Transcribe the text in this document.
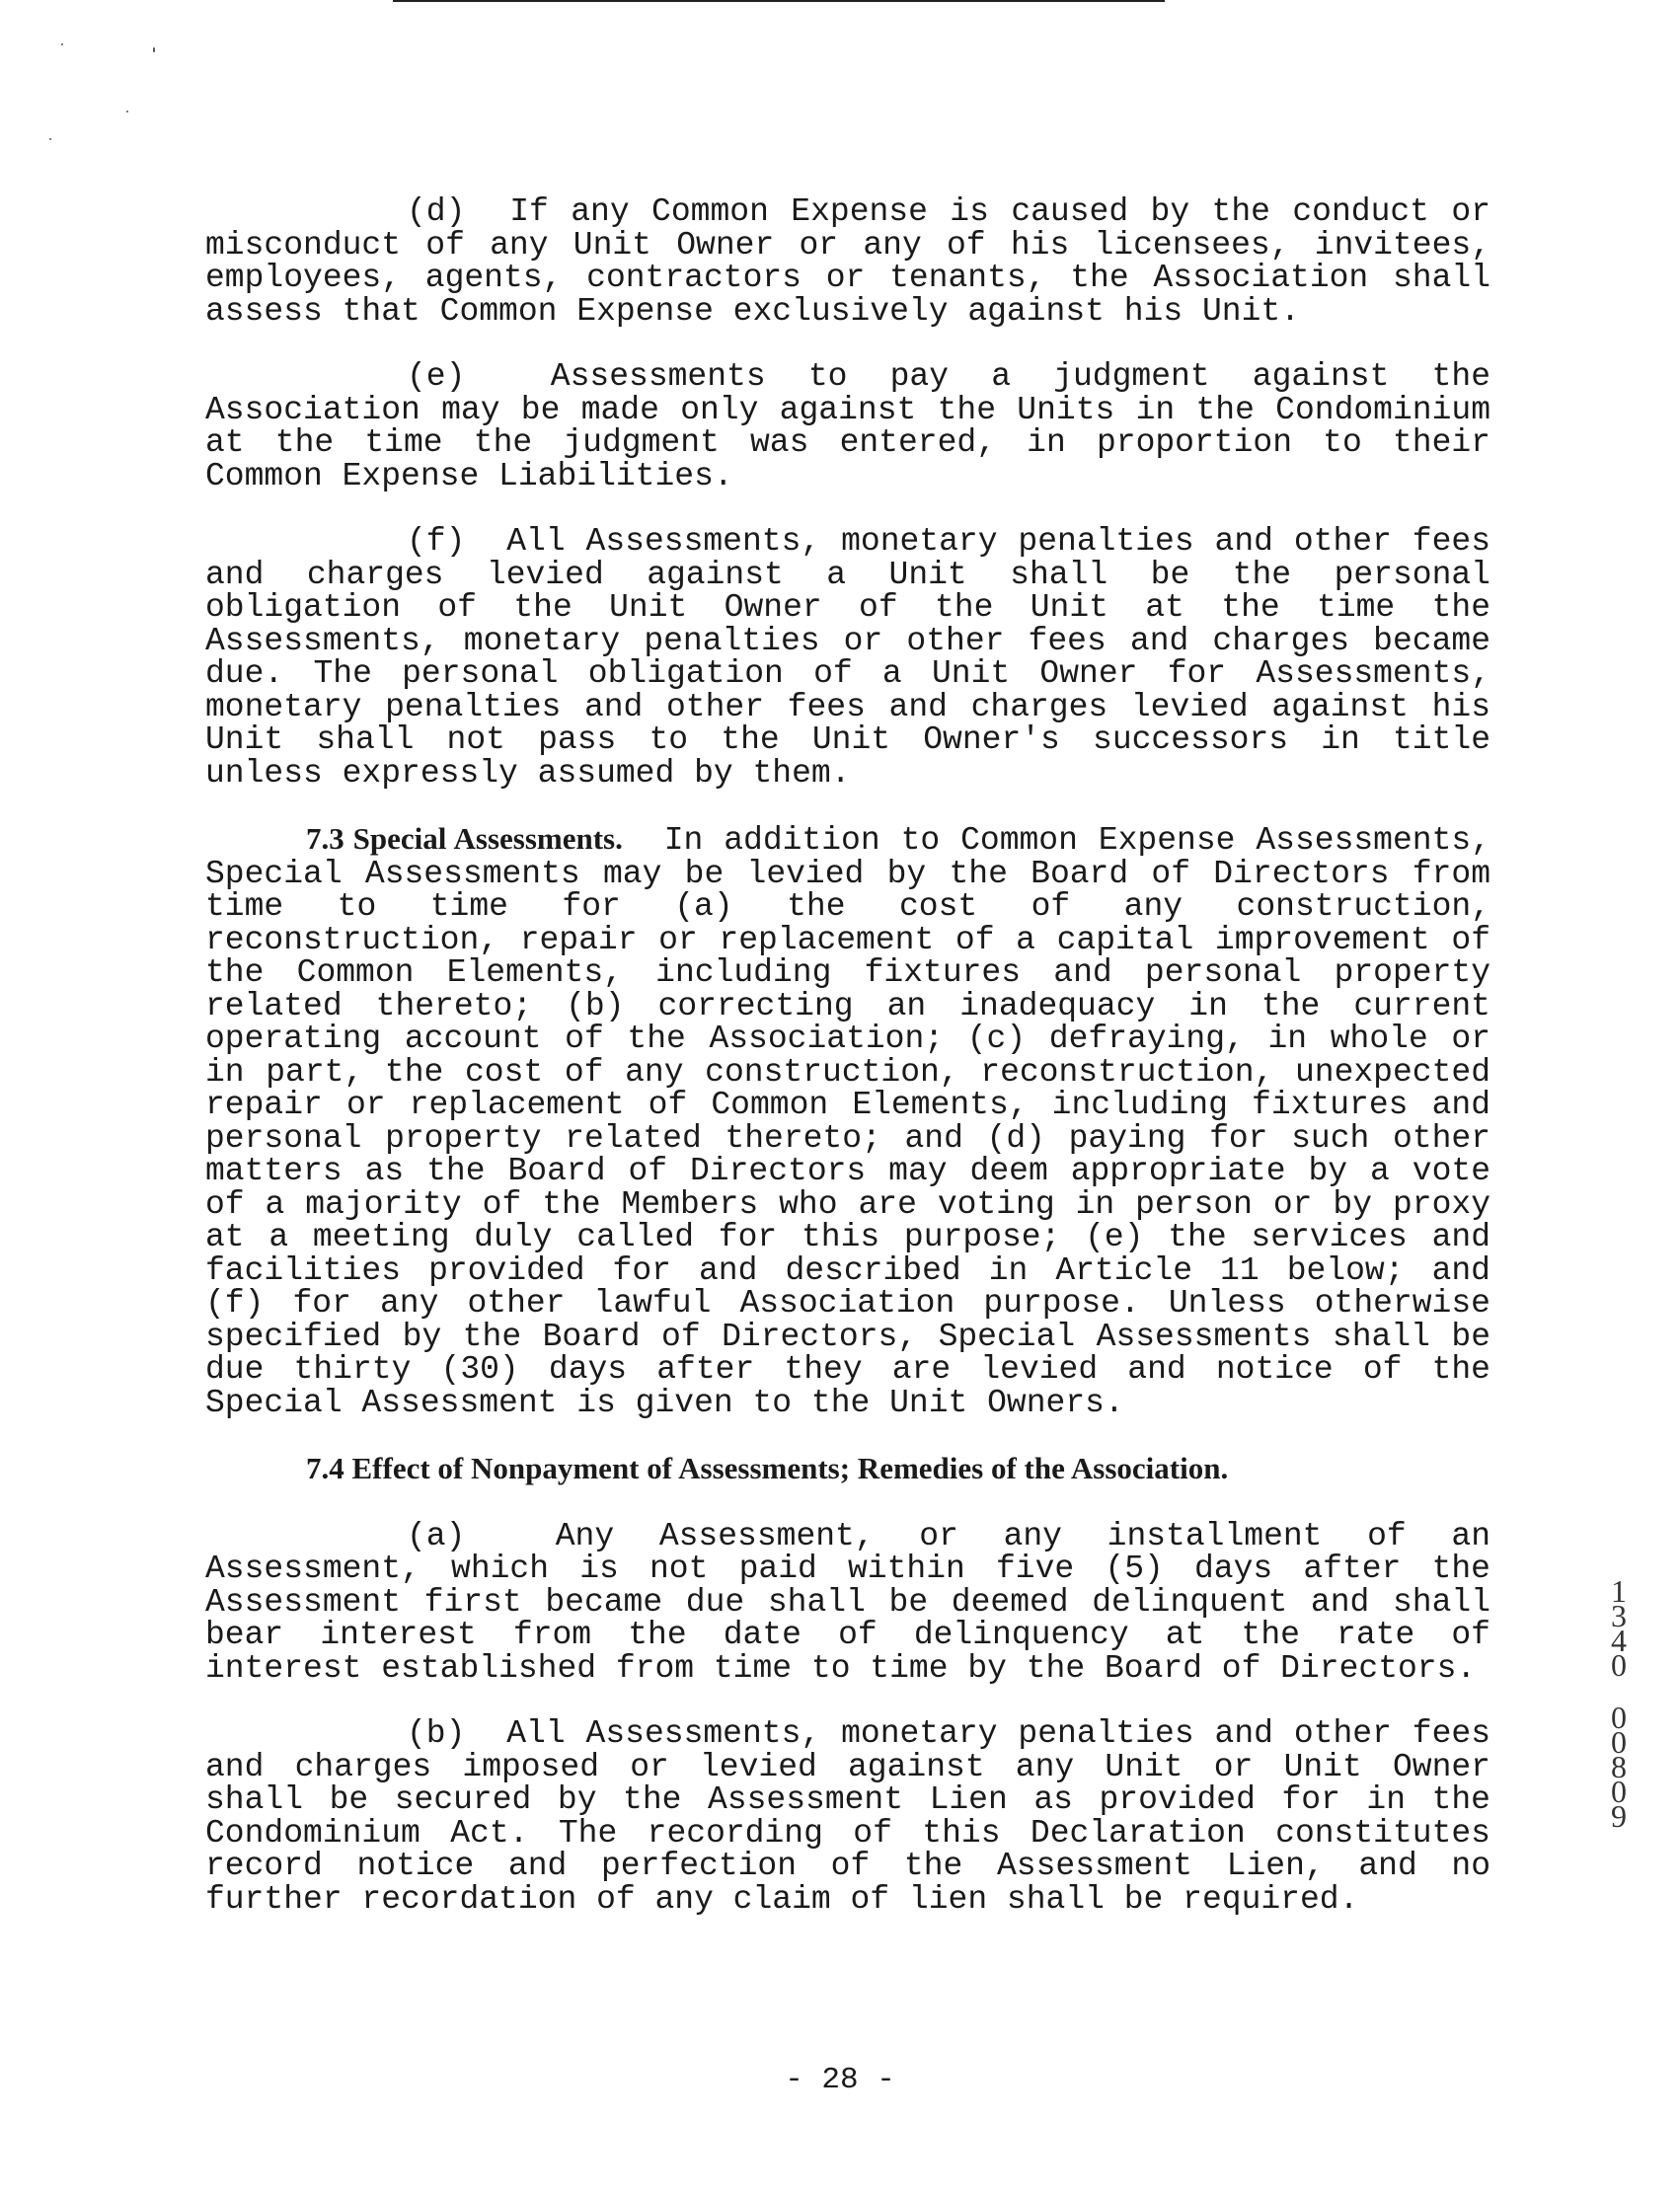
(d) If any Common Expense is caused by the conduct or misconduct of any Unit Owner or any of his licensees, invitees, employees, agents, contractors or tenants, the Association shall assess that Common Expense exclusively against his Unit.

(e)	Assessments to pay a judgment against the Association may be made only against the Units in the Condominium at the time the judgment was entered, in proportion to their Common Expense Liabilities.

(f) All Assessments, monetary penalties and other fees and charges levied against a Unit shall be the personal obligation of the Unit Owner of the Unit at the time the Assessments, monetary penalties or other fees and charges became due. The personal obligation of a Unit Owner for Assessments, monetary penalties and other fees and charges levied against his Unit shall not pass to the Unit Owner's successors in title unless expressly assumed by them.

7.3 Special Assessments. In addition to Common Expense Assessments, Special Assessments may be levied by the Board of Directors from time to time for (a) the cost of any construction, reconstruction, repair or replacement of a capital improvement of the Common Elements, including fixtures and personal property related thereto; (b) correcting an inadequacy in the current operating account of the Association; (c) defraying, in whole or in part, the cost of any construction, reconstruction, unexpected repair or replacement of Common Elements, including fixtures and personal property related thereto; and (d) paying for such other matters as the Board of Directors may deem appropriate by a vote of a majority of the Members who are voting in person or by proxy at a meeting duly called for this purpose; (e) the services and facilities provided for and described in Article 11 below; and (f) for any other lawful Association purpose. Unless otherwise specified by the Board of Directors, Special Assessments shall be due thirty (30) days after they are levied and notice of the Special Assessment is given to the Unit Owners.

7.4 Effect of Nonpayment of Assessments; Remedies of the Association.

(a)	Any Assessment, or any installment of an Assessment, which is not paid within five (5) days after the Assessment first became due shall be deemed delinquent and shall bear interest from the date of delinquency at the rate of interest established from time to time by the Board of Directors.

(b) All Assessments, monetary penalties and other fees and charges imposed or levied against any Unit or Unit Owner shall be secured by the Assessment Lien as provided for in the Condominium Act. The recording of this Declaration constitutes record notice and perfection of the Assessment Lien, and no further recordation of any claim of lien shall be required.

1340
00809
- 28 -
